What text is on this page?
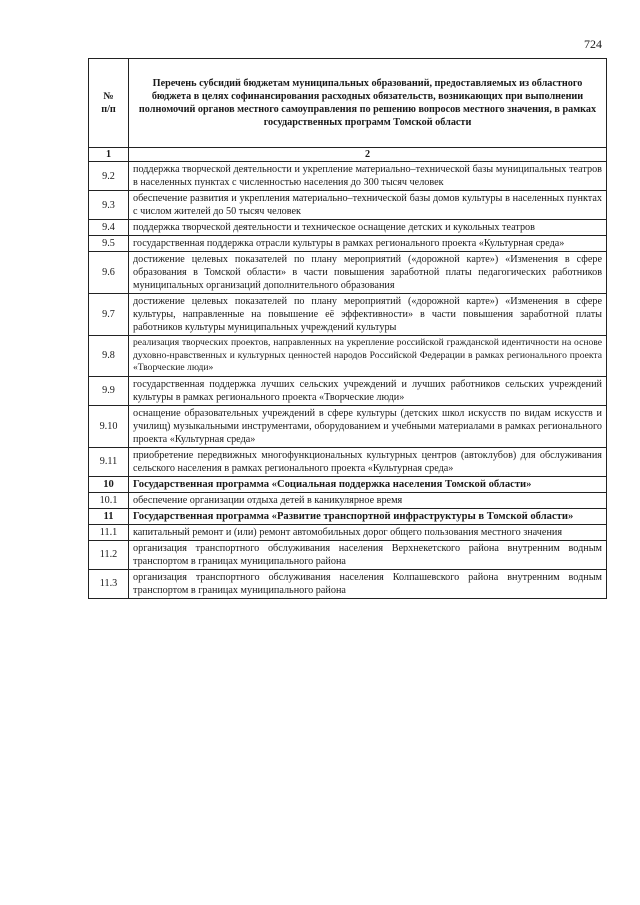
724
№
п/п	Перечень субсидий бюджетам муниципальных образований, предоставляемых из областного бюджета в целях софинансирования расходных обязательств, возникающих при выполнении полномочий органов местного самоуправления по решению вопросов местного значения, в рамках государственных программ Томской области
1	2
9.2	поддержка творческой деятельности и укрепление материально–технической базы муниципальных театров в населенных пунктах с численностью населения до 300 тысяч человек
9.3	обеспечение развития и укрепления материально–технической базы домов культуры в населенных пунктах с числом жителей до 50 тысяч человек
9.4	поддержка творческой деятельности и техническое оснащение детских и кукольных театров
9.5	государственная поддержка отрасли культуры в рамках регионального проекта «Культурная среда»
9.6	достижение целевых показателей по плану мероприятий («дорожной карте») «Изменения в сфере образования в Томской области» в части повышения заработной платы педагогических работников муниципальных организаций дополнительного образования
9.7	достижение целевых показателей по плану мероприятий («дорожной карте») «Изменения в сфере культуры, направленные на повышение её эффективности» в части повышения заработной платы работников культуры муниципальных учреждений культуры
9.8	реализация творческих проектов, направленных на укрепление российской гражданской идентичности на основе духовно-нравственных и культурных ценностей народов Российской Федерации в рамках регионального проекта «Творческие люди»
9.9	государственная поддержка лучших сельских учреждений и лучших работников сельских учреждений культуры в рамках регионального проекта «Творческие люди»
9.10	оснащение образовательных учреждений в сфере культуры (детских школ искусств по видам искусств и училищ) музыкальными инструментами, оборудованием и учебными материалами в рамках регионального проекта «Культурная среда»
9.11	приобретение передвижных многофункциональных культурных центров (автоклубов) для обслуживания сельского населения в рамках регионального проекта «Культурная среда»
10	Государственная программа «Социальная поддержка населения Томской области»
10.1	обеспечение организации отдыха детей в каникулярное время
11	Государственная программа «Развитие транспортной инфраструктуры в Томской области»
11.1	капитальный ремонт и (или) ремонт автомобильных дорог общего пользования местного значения
11.2	организация транспортного обслуживания населения Верхнекетского района внутренним водным транспортом в границах муниципального района
11.3	организация транспортного обслуживания населения Колпашевского района внутренним водным транспортом в границах муниципального района
